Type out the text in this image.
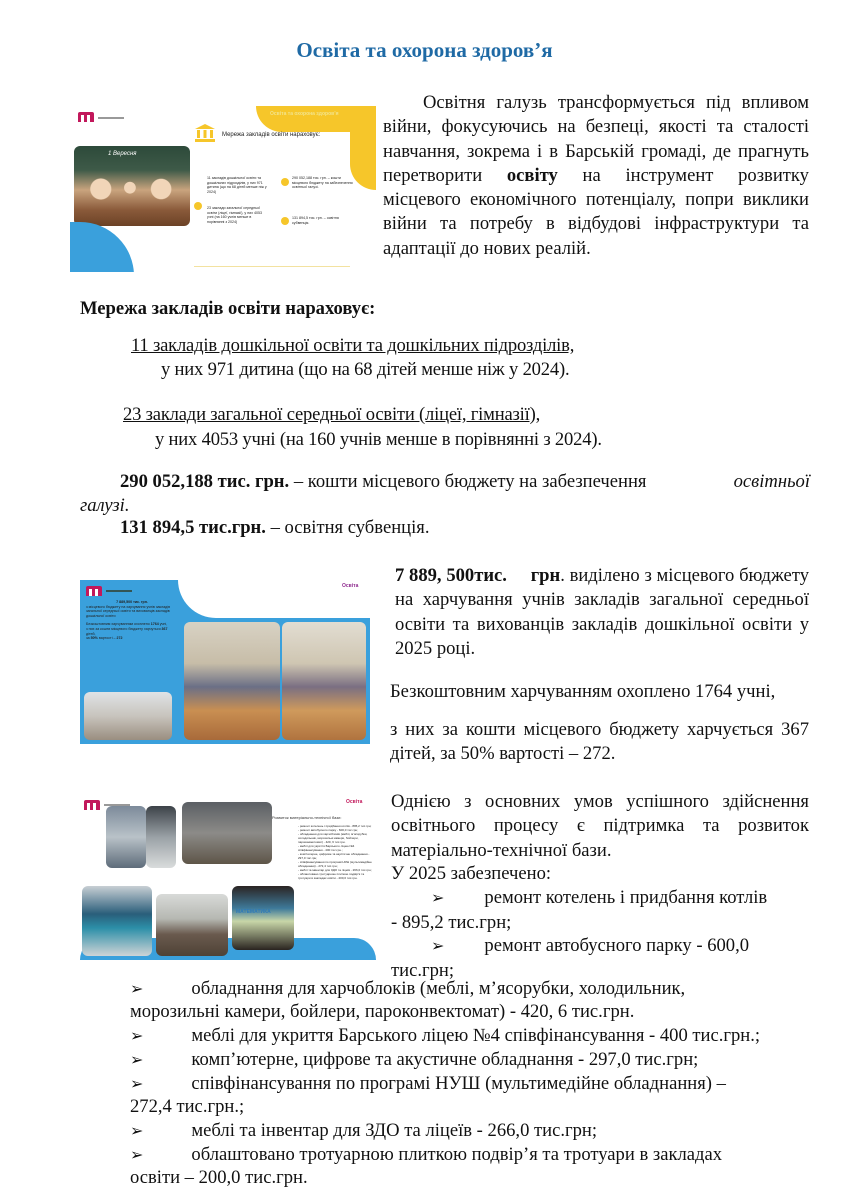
Освіта та охорона здоров’я
Освіта та охорона здоров’я
Мережа закладів освіти нараховує:
1 Вересня
11 закладів дошкільної освіти та дошкільних підрозділів, у них 971 дитина (що на 68 дітей менше ніж у 2024)
23 заклади загальної середньої освіти (ліцеї, гімназії), у них 4053 учні (на 160 учнів менше в порівнянні з 2024)
290 052,188 тис. грн. – кошти місцевого бюджету на забезпечення освітньої галузі.
131 894,5 тис. грн. – освітня субвенція.
Освітня галузь трансформується під впливом війни, фокусуючись на безпеці, якості та сталості навчання, зокрема і в Барській громаді, де прагнуть перетворити освіту на інструмент розвитку місцевого економічного потенціалу, попри виклики війни та потребу в відбудові інфраструктури та адаптації до нових реалій.
Мережа закладів освіти нараховує:
11 закладів дошкільної освіти та дошкільних підрозділів,
у них 971 дитина (що на 68 дітей менше ніж у 2024).
23 заклади загальної середньої освіти (ліцеї, гімназії),
у них 4053 учні (на 160 учнів менше в порівнянні з 2024).
290 052,188 тис. грн. – кошти місцевого бюджету на забезпечення	освітньої

галузі.
131 894,5 тис.грн. – освітня субвенція.
Освіта
7 889,500 тис. грн.
з місцевого бюджету на харчування учнів закладів загальної середньої освіти та вихованців закладів дошкільної освіти
Безкоштовним харчуванням охоплено 1764 учні,
з них за кошти місцевого бюджету харчуться 367 дітей,
за 50% вартості – 272
7 889, 500тис. грн. виділено з місцевого бюджету на харчування учнів закладів загальної середньої освіти та вихованців закладів дошкільної освіти у 2025 році.
Безкоштовним харчуванням охоплено 1764 учні,
з них за кошти місцевого бюджету харчується 367 дітей, за 50% вартості – 272.
Освіта
Розвиток матеріально-технічної бази:
- ремонт котелень і придбання котлів - 895,2 тис.грн;
- ремонт автобусного парку - 600,0 тис.грн;
- обладнання для харчоблоків (меблі, м’ясорубки, холодильник, морозильні камери, бойлери, пароконвектомат) - 420, 6 тис.грн.
- меблі для укриття Барського ліцею №4 співфінансування - 400 тис.грн.;
- комп’ютерне, цифрове та акустичне обладнання - 297,0 тис.грн;
- співфінансування по програмі НУШ (мультимедійне обладнання) - 272,4 тис.грн.;
- меблі та інвентар для ЗДО та ліцеїв - 266,0 тис.грн;
- облаштовано тротуарною плиткою подвір’я та тротуари в закладах освіти - 200,0 тис.грн.
МАТЕМАТИКА
Однією з основних умов успішного здійснення освітнього процесу є підтримка та розвиток матеріально-технічної бази.
У 2025 забезпечено:
➢ ремонт котелень і придбання котлів
- 895,2 тис.грн;
➢ ремонт автобусного парку - 600,0
тис.грн;
➢	обладнання для харчоблоків (меблі, м’ясорубки, холодильник,
морозильні камери, бойлери, пароконвектомат) - 420, 6 тис.грн.
➢	меблі для укриття Барського ліцею №4 співфінансування - 400 тис.грн.;
➢	комп’ютерне, цифрове та акустичне обладнання - 297,0 тис.грн;
➢	співфінансування по програмі НУШ (мультимедійне обладнання) –
272,4 тис.грн.;
➢	меблі та інвентар для ЗДО та ліцеїв - 266,0 тис.грн;
➢	облаштовано тротуарною плиткою подвір’я та тротуари в закладах
освіти – 200,0 тис.грн.
